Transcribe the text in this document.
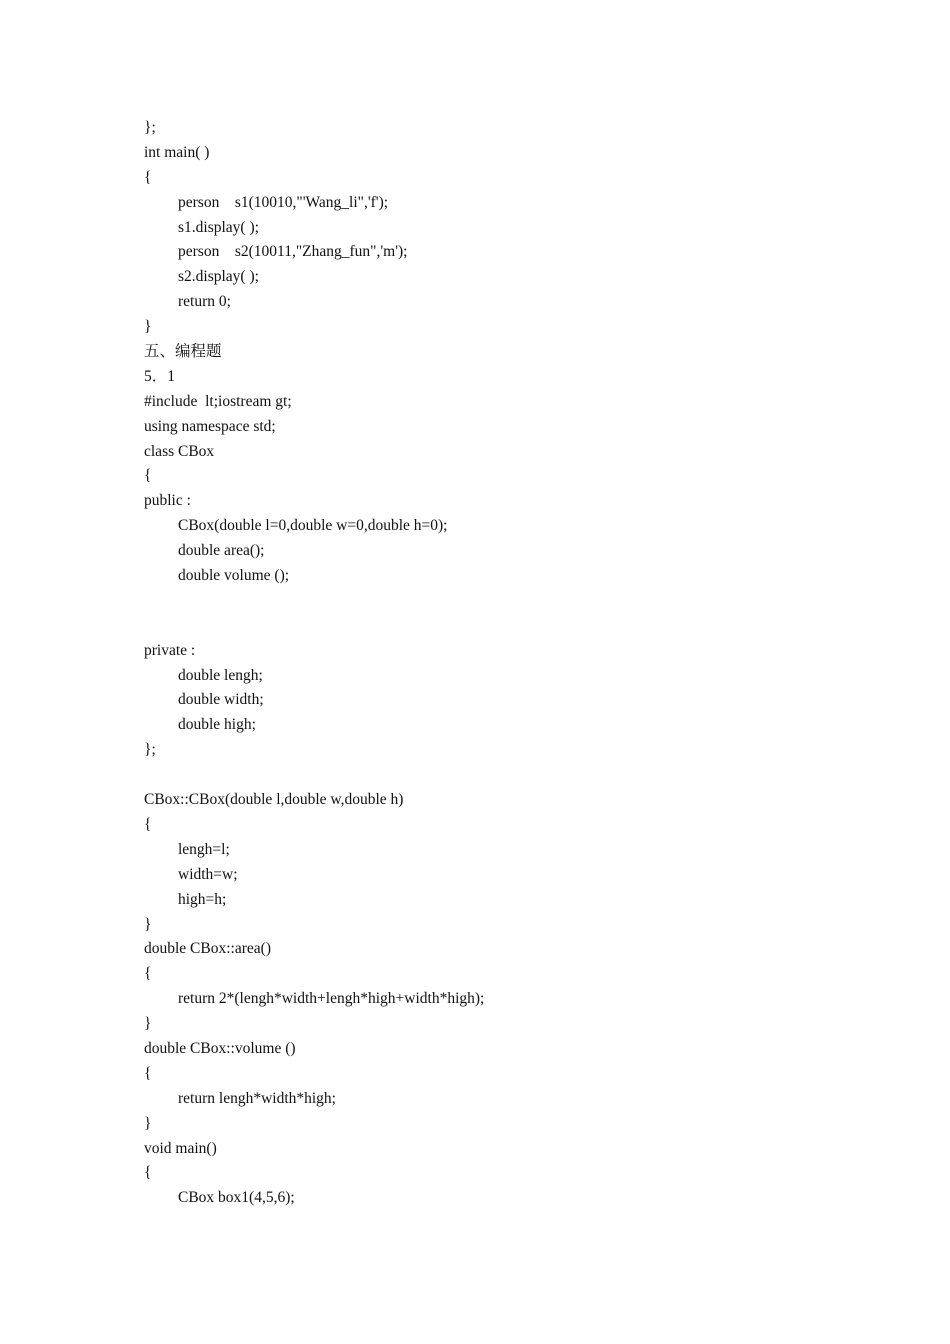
};
int main( )
{
person    s1(10010,"'Wang_li",'f');
s1.display( );
person    s2(10011,"Zhang_fun",'m');
s2.display( );
return 0;
}
五、编程题
5．1
#include  lt;iostream gt;
using namespace std;
class CBox
{
public :
CBox(double l=0,double w=0,double h=0);
double area();
double volume ();
private :
double lengh;
double width;
double high;
};
CBox::CBox(double l,double w,double h)
{
lengh=l;
width=w;
high=h;
}
double CBox::area()
{
return 2*(lengh*width+lengh*high+width*high);
}
double CBox::volume ()
{
return lengh*width*high;
}
void main()
{
CBox box1(4,5,6);
